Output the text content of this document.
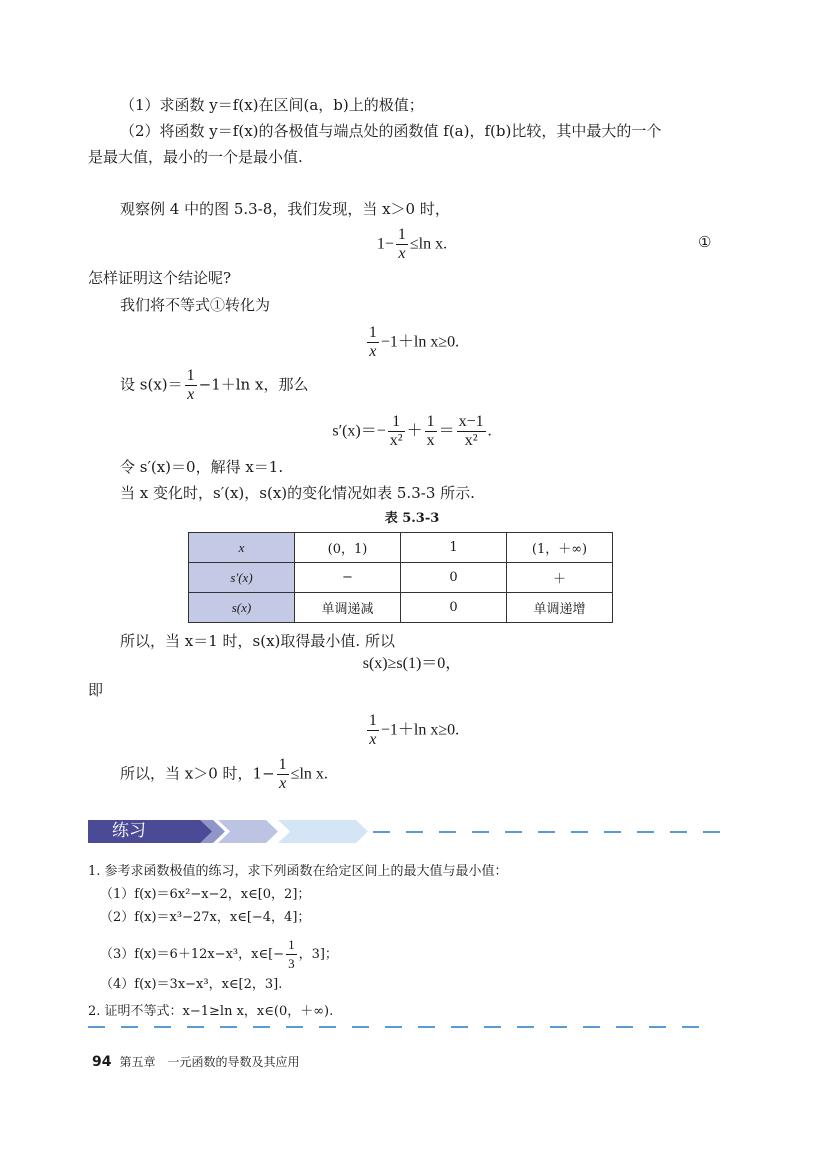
（1）求函数 y＝f(x)在区间(a，b)上的极值；
（2）将函数 y＝f(x)的各极值与端点处的函数值 f(a)，f(b)比较，其中最大的一个
是最大值，最小的一个是最小值.
观察例 4 中的图 5.3-8，我们发现，当 x＞0 时，
$1- \frac{1}{x} \le\ln$ x.	①
怎样证明这个结论呢?
我们将不等式①转化为
$\frac{1}{x} -1+\ln$ x≥0.
设 $s(x)= \frac{1}{x} -1+\ln$ x，那么
$s'(x)=- \frac{1}{\text{x²}} + \frac{1}{x} = \frac{x-1}{\text{x²}}$ .
令 s′(x)＝0，解得 x＝1.
当 x 变化时，s′(x)，s(x)的变化情况如表 5.3-3 所示.
表 5.3-3
x	(0，1)	1	(1，＋∞)
s′(x)	−	0	＋
s(x)	单调递减	0	单调递增
所以，当 x＝1 时，s(x)取得最小值. 所以
s(x)≥s(1)＝0，
即
$\frac{1}{x} -1+\ln$ x≥0.
所以，当 x＞0 时，$1- \frac{1}{x} \le\ln$ x.
练习
1. 参考求函数极值的练习，求下列函数在给定区间上的最大值与最小值：
（1）f(x)＝6x²−x−2，x∈[0，2]；
（2）f(x)＝x³−27x，x∈[−4，4]；
（3）f(x)＝6＋12x−x³，x∈[− $\frac{1}{3}$ ，3]；
（4）f(x)＝3x−x³，x∈[2，3].
2. 证明不等式：x−1≥ln x，x∈(0，＋∞).
94 第五章　一元函数的导数及其应用
